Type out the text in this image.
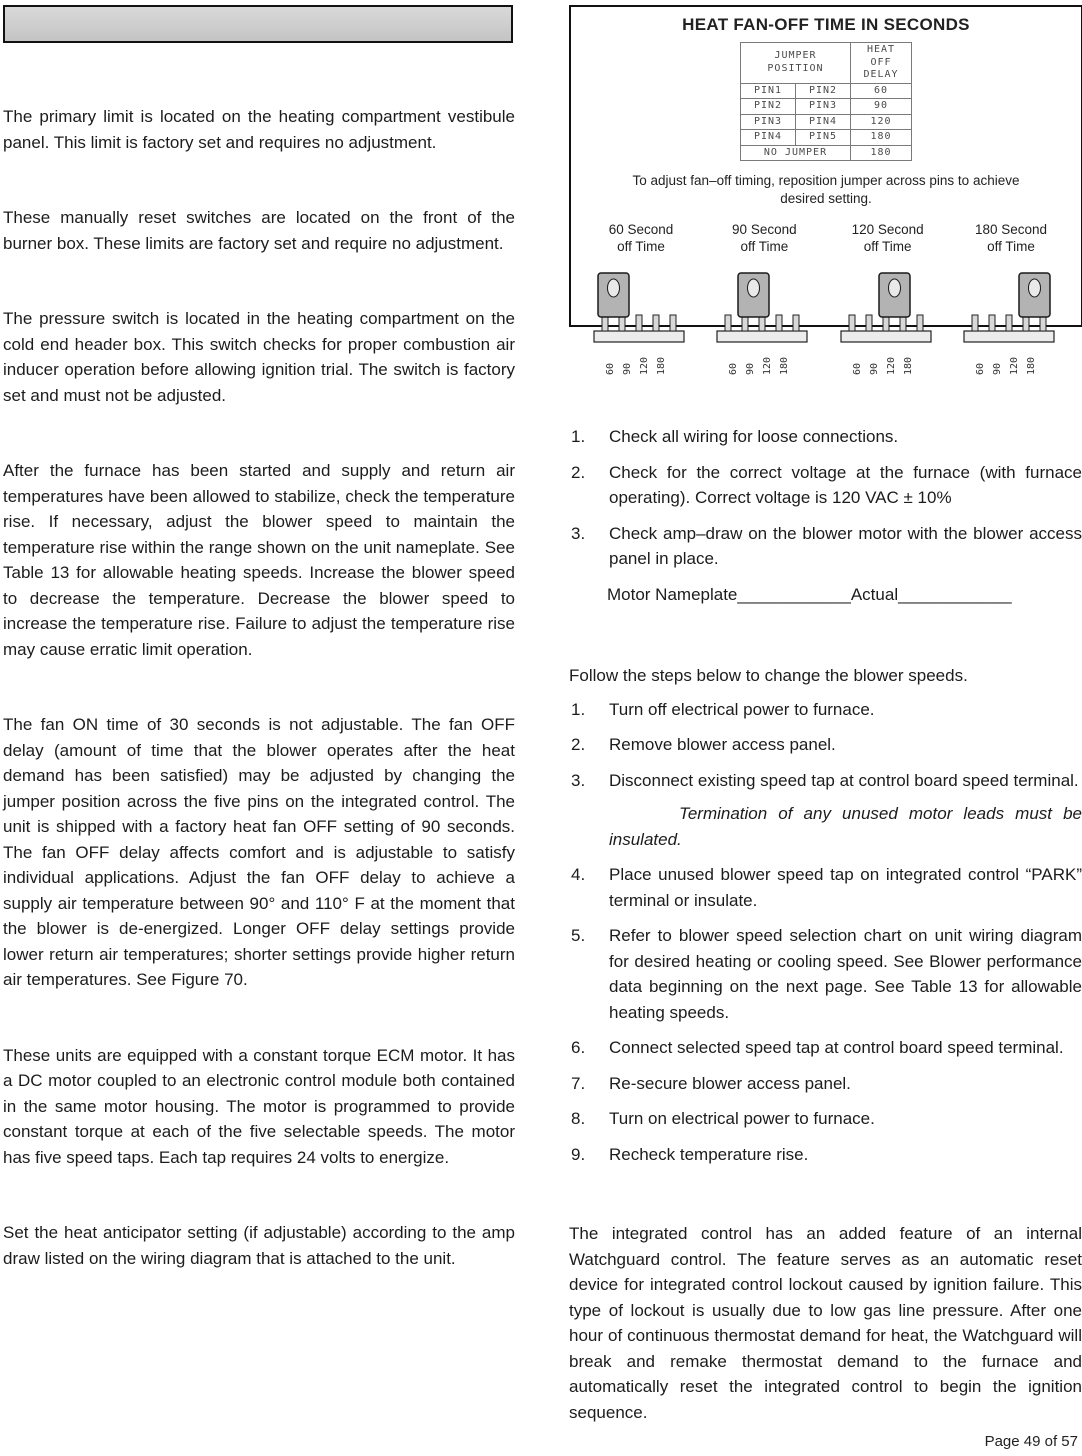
The primary limit is located on the heating compartment vestibule panel. This limit is factory set and requires no adjustment.

These manually reset switches are located on the front of the burner box. These limits are factory set and require no adjustment.

The pressure switch is located in the heating compartment on the cold end header box. This switch checks for proper combustion air inducer operation before allowing ignition trial. The switch is factory set and must not be adjusted.

After the furnace has been started and supply and return air temperatures have been allowed to stabilize, check the temperature rise. If necessary, adjust the blower speed to maintain the temperature rise within the range shown on the unit nameplate. See Table 13 for allowable heating speeds. Increase the blower speed to decrease the temperature. Decrease the blower speed to increase the temperature rise. Failure to adjust the temperature rise may cause erratic limit operation.

The fan ON time of 30 seconds is not adjustable. The fan OFF delay (amount of time that the blower operates after the heat demand has been satisfied) may be adjusted by changing the jumper position across the five pins on the integrated control. The unit is shipped with a factory heat fan OFF setting of 90 seconds. The fan OFF delay affects comfort and is adjustable to satisfy individual applications. Adjust the fan OFF delay to achieve a supply air temperature between 90° and 110° F at the moment that the blower is de-energized. Longer OFF delay settings provide lower return air temperatures; shorter settings provide higher return air temperatures. See Figure 70.

These units are equipped with a constant torque ECM motor. It has a DC motor coupled to an electronic control module both contained in the same motor housing. The motor is programmed to provide constant torque at each of the five selectable speeds. The motor has five speed taps. Each tap requires 24 volts to energize.

Set the heat anticipator setting (if adjustable) according to the amp draw listed on the wiring diagram that is attached to the unit.

HEAT FAN-OFF TIME IN SECONDS
JUMPER POSITION		HEAT OFF DELAY
PIN1	PIN2	60
PIN2	PIN3	90
PIN3	PIN4	120
PIN4	PIN5	180
NO JUMPER		180
To adjust fan–off timing, reposition jumper across pins to achieve desired setting.
60 Second
off Time
60 90 120 180
90 Second
off Time
60 90 120 180
120 Second
off Time
60 90 120 180
180 Second
off Time
60 90 120 180
1.	Check all wiring for loose connections.
2.	Check for the correct voltage at the furnace (with furnace operating). Correct voltage is 120 VAC ± 10%
3.	Check amp–draw on the blower motor with the blower access panel in place.
Motor Nameplate____________Actual____________
Follow the steps below to change the blower speeds.
1.	Turn off electrical power to furnace.
2.	Remove blower access panel.
3.	Disconnect existing speed tap at control board speed terminal.
Termination of any unused motor leads must be insulated.
4.	Place unused blower speed tap on integrated control “PARK” terminal or insulate.
5.	Refer to blower speed selection chart on unit wiring diagram for desired heating or cooling speed. See Blower performance data beginning on the next page. See Table 13 for allowable heating speeds.
6.	Connect selected speed tap at control board speed terminal.
7.	Re-secure blower access panel.
8.	Turn on electrical power to furnace.
9.	Recheck temperature rise.
The integrated control has an added feature of an internal Watchguard control. The feature serves as an automatic reset device for integrated control lockout caused by ignition failure. This type of lockout is usually due to low gas line pressure. After one hour of continuous thermostat demand for heat, the Watchguard will break and remake thermostat demand to the furnace and automatically reset the integrated control to begin the ignition sequence.
Page 49 of 57
